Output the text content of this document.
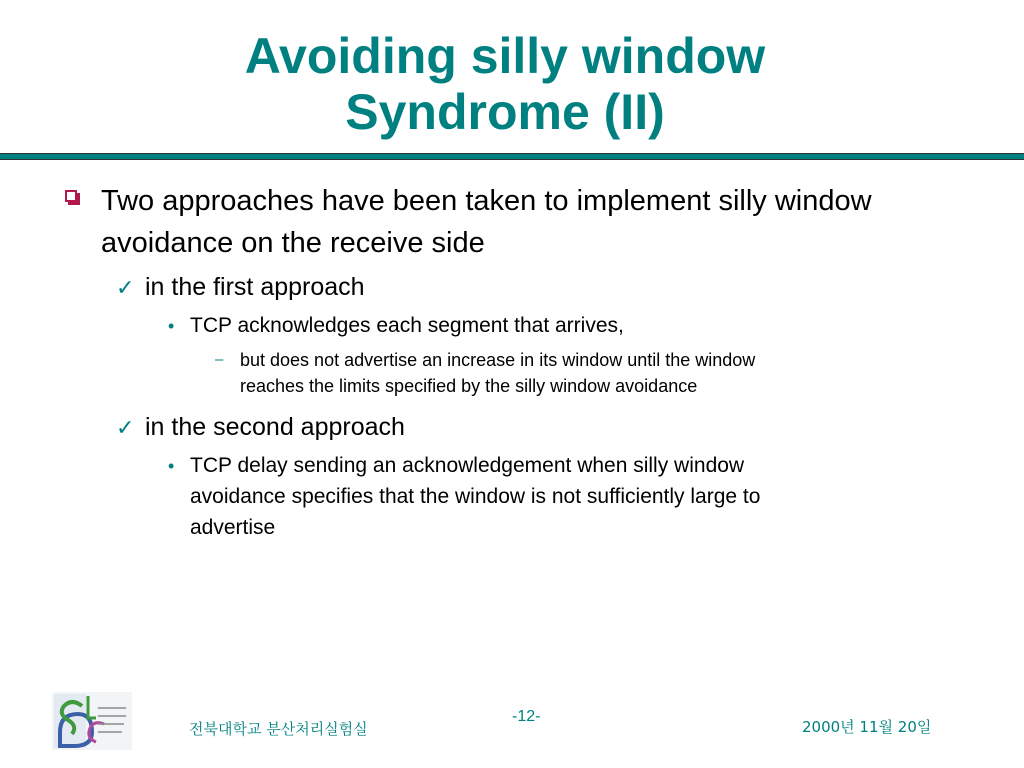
Avoiding silly window
Syndrome (II)
Two approaches have been taken to implement silly window avoidance on the receive side
✓ in the first approach
• TCP acknowledges each segment that arrives,
– but does not advertise an increase in its window until the window
reaches the limits specified by the silly window avoidance
✓ in the second approach
• TCP delay sending an acknowledgement when silly window
avoidance specifies that the window is not sufficiently large to
advertise
전북대학교 분산처리실험실
-12-
2000년 11월 20일
